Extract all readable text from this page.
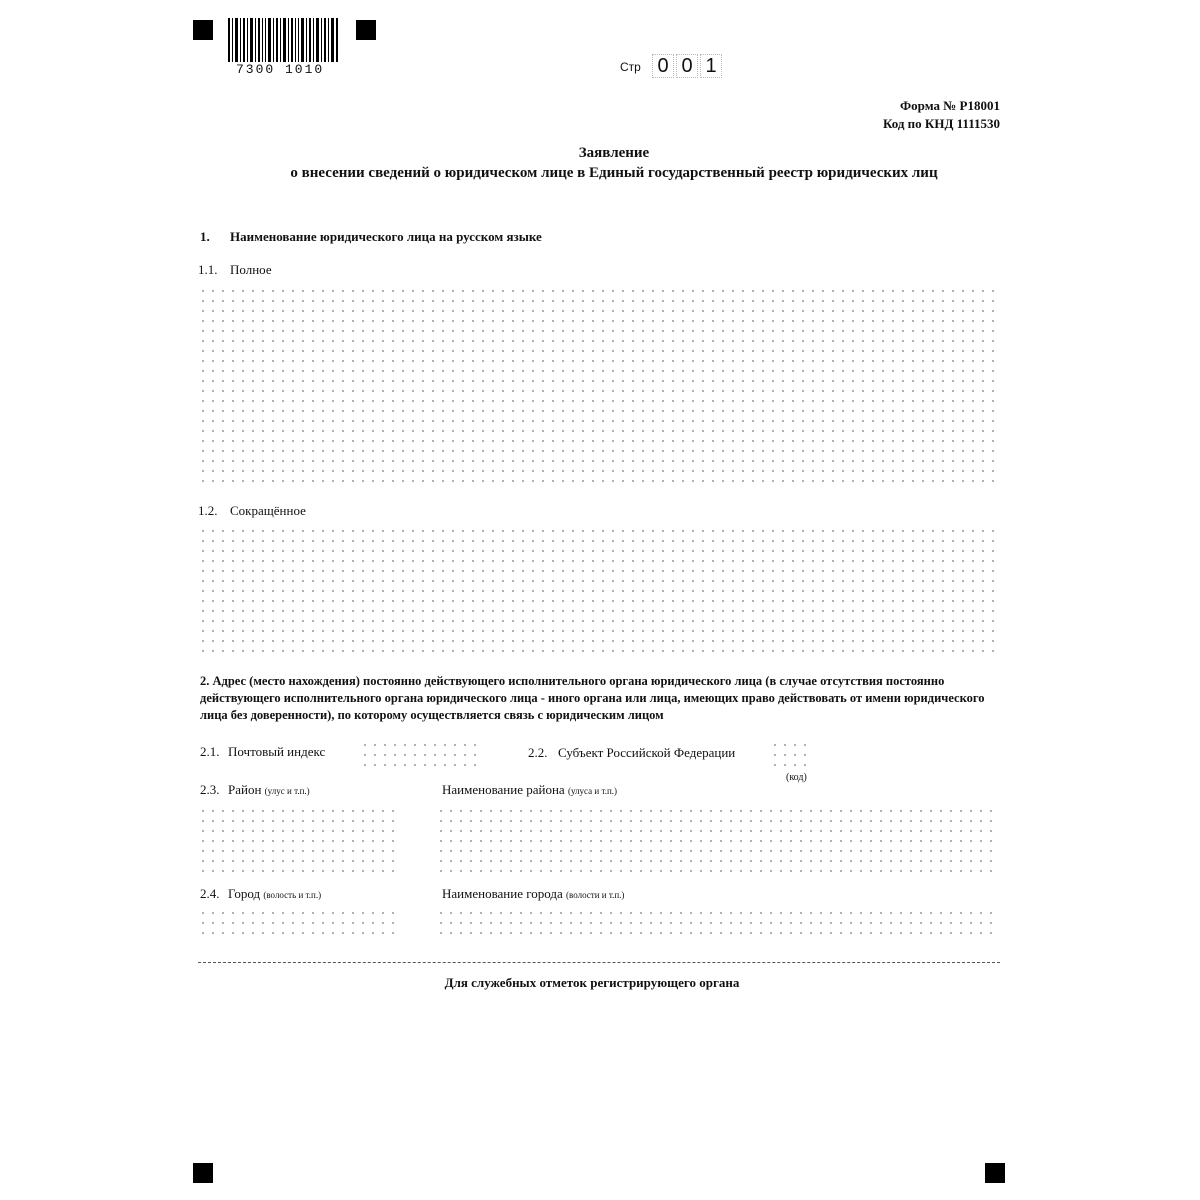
7300 1010	Стр 0 0 1
Форма № Р18001
Код по КНД 1111530
Заявление
о внесении сведений о юридическом лице в Единый государственный реестр юридических лиц
1. Наименование юридического лица на русском языке
1.1. Полное
1.2. Сокращённое
2. Адрес (место нахождения) постоянно действующего исполнительного органа юридического лица (в случае отсутствия постоянно действующего исполнительного органа юридического лица - иного органа или лица, имеющих право действовать от имени юридического лица без доверенности), по которому осуществляется связь с юридическим лицом
2.1. Почтовый индекс	2.2. Субъект Российской Федерации
(код)
2.3. Район (улус и т.п.)	Наименование района (улуса и т.п.)
2.4. Город (волость и т.п.)	Наименование города (волости и т.п.)
Для служебных отметок регистрирующего органа
